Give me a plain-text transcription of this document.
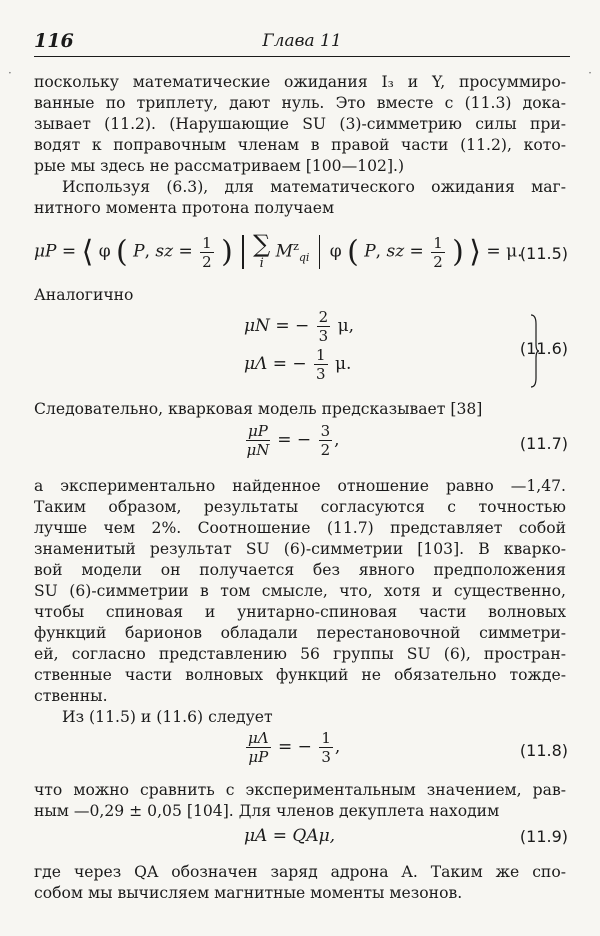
116	Глава 11
·	·
поскольку математические ожидания I₃ и Y, просуммиро-
ванные по триплету, дают нуль. Это вместе с (11.3) дока-
зывает (11.2). (Нарушающие SU (3)-симметрию силы при-
водят к поправочным членам в правой части (11.2), кото-
рые мы здесь не рассматриваем [100—102].)
Используя (6.3), для математического ожидания маг-
нитного момента протона получаем
μP = ⟨ φ ( P, sz = $\frac{1}{2}$ ) ∑
i
$M^z_{qi}$ φ ( P, sz = $\frac{1}{2}$ ) ⟩ = μ.
(11.5)
Аналогично
μN = − $\frac{2}{3} \mu$,
μΛ = − $\frac{1}{3} \mu$.
(11.6)
Следовательно, кварковая модель предсказывает [38]
$\frac{\mu P}{\mu N}$ = − $\frac{3}{2}$ ,	(11.7)
а экспериментально найденное отношение равно —1,47.
Таким образом, результаты согласуются с точностью
лучше чем 2%. Соотношение (11.7) представляет собой
знаменитый результат SU (6)-симметрии [103]. В кварко-
вой модели он получается без явного предположения
SU (6)-симметрии в том смысле, что, хотя и существенно,
чтобы спиновая и унитарно-спиновая части волновых
функций барионов обладали перестановочной симметри-
ей, согласно представлению 56 группы SU (6), простран-
ственные части волновых функций не обязательно тожде-
ственны.
Из (11.5) и (11.6) следует
$\frac{\mu\Lambda}{\mu P}$ = − $\frac{1}{3}$ ,	(11.8)
что можно сравнить с экспериментальным значением, рав-
ным —0,29 ± 0,05 [104]. Для членов декуплета находим
μA = QAμ,	(11.9)
где через QA обозначен заряд адрона A. Таким же спо-
собом мы вычисляем магнитные моменты мезонов.
